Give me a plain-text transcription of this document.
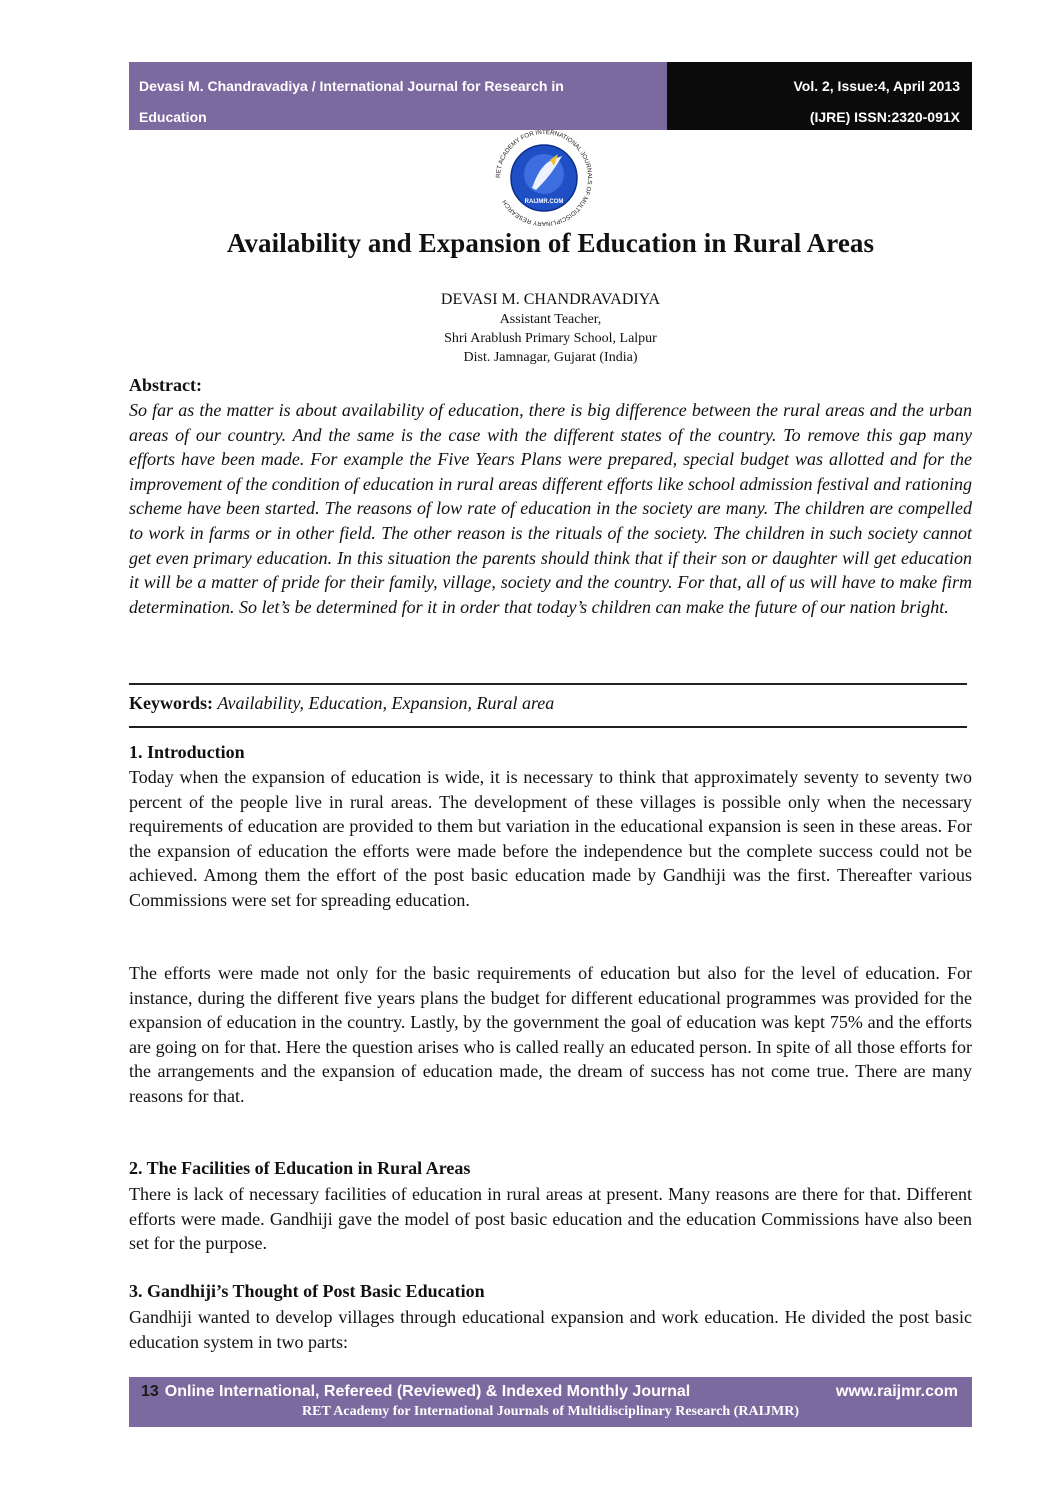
Devasi M. Chandravadiya / International Journal for Research in
Education
Vol. 2, Issue:4, April 2013
(IJRE) ISSN:2320-091X
RET ACADEMY FOR INTERNATIONAL JOURNALS OF MULTIDISCIPLINARY RESEARCH	RAIJMR.COM
Availability and Expansion of Education in Rural Areas
DEVASI M. CHANDRAVADIYA
Assistant Teacher,
Shri Arablush Primary School, Lalpur
Dist. Jamnagar, Gujarat (India)
Abstract:
So far as the matter is about availability of education, there is big difference between the rural areas and the urban areas of our country. And the same is the case with the different states of the country. To remove this gap many efforts have been made. For example the Five Years Plans were prepared, special budget was allotted and for the improvement of the condition of education in rural areas different efforts like school admission festival and rationing scheme have been started. The reasons of low rate of education in the society are many. The children are compelled to work in farms or in other field. The other reason is the rituals of the society. The children in such society cannot get even primary education. In this situation the parents should think that if their son or daughter will get education it will be a matter of pride for their family, village, society and the country. For that, all of us will have to make firm determination. So let’s be determined for it in order that today’s children can make the future of our nation bright.
Keywords: Availability, Education, Expansion, Rural area
1. Introduction
Today when the expansion of education is wide, it is necessary to think that approximately seventy to seventy two percent of the people live in rural areas. The development of these villages is possible only when the necessary requirements of education are provided to them but variation in the educational expansion is seen in these areas. For the expansion of education the efforts were made before the independence but the complete success could not be achieved. Among them the effort of the post basic education made by Gandhiji was the first. Thereafter various Commissions were set for spreading education.
The efforts were made not only for the basic requirements of education but also for the level of education. For instance, during the different five years plans the budget for different educational programmes was provided for the expansion of education in the country. Lastly, by the government the goal of education was kept 75% and the efforts are going on for that. Here the question arises who is called really an educated person. In spite of all those efforts for the arrangements and the expansion of education made, the dream of success has not come true. There are many reasons for that.
2. The Facilities of Education in Rural Areas
There is lack of necessary facilities of education in rural areas at present. Many reasons are there for that. Different efforts were made. Gandhiji gave the model of post basic education and the education Commissions have also been set for the purpose.
3. Gandhiji’s Thought of Post Basic Education
Gandhiji wanted to develop villages through educational expansion and work education. He divided the post basic education system in two parts:
13 Online International, Refereed (Reviewed) & Indexed Monthly Journal	www.raijmr.com
RET Academy for International Journals of Multidisciplinary Research (RAIJMR)
